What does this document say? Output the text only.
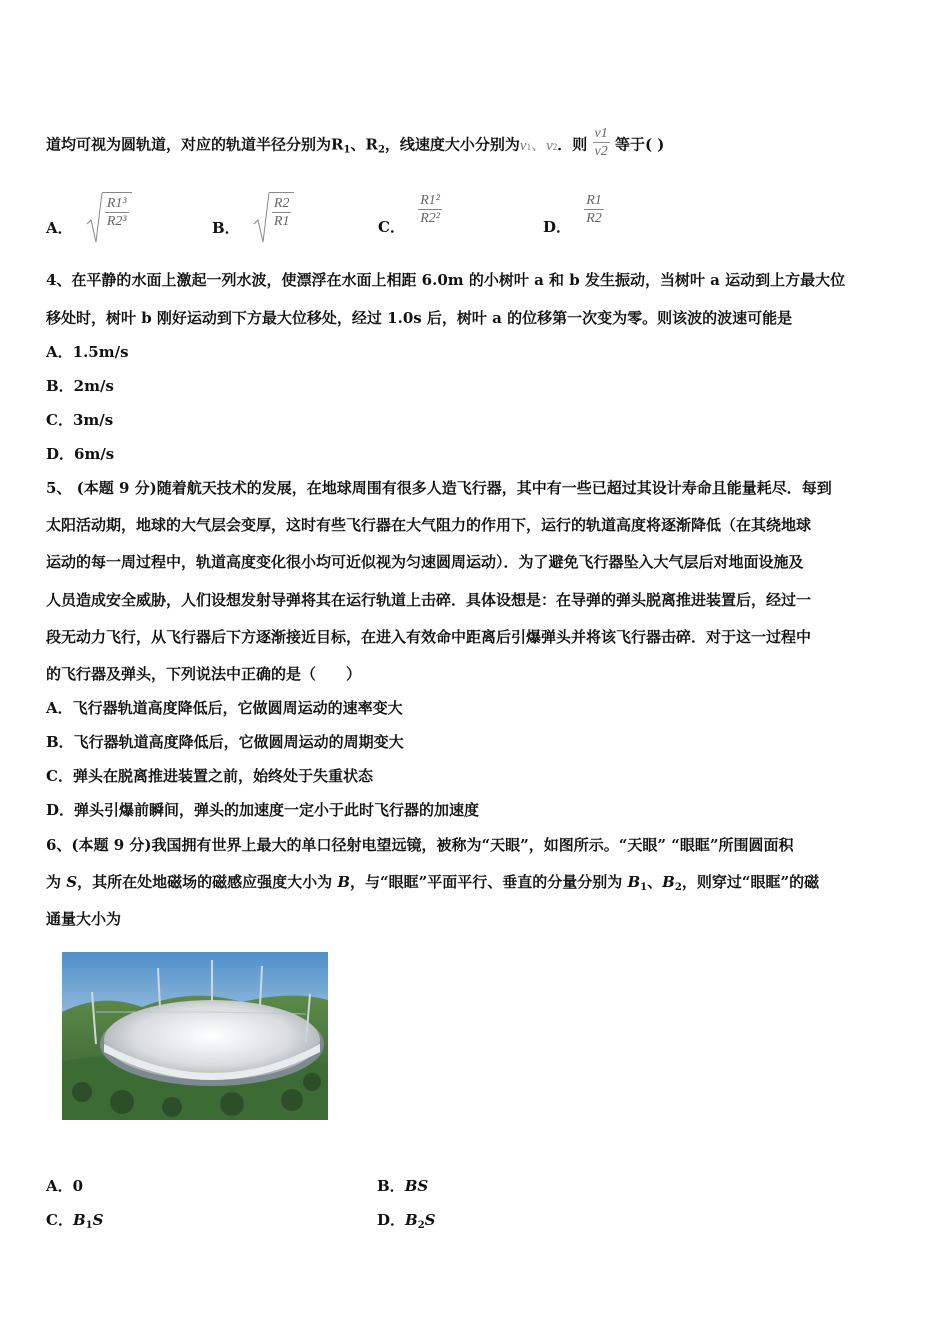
道均可视为圆轨道，对应的轨道半径分别为$R_1$、$R_2$，线速度大小分别为v1、v2．则 $\frac{v1}{v2}$ 等于( )
A． $\frac{\text{R1³}}{\text{R2³}}$	B． $\frac{R2}{R1}$	C． $\frac{\text{R1²}}{\text{R2²}}$	D． $\frac{R1}{R2}$
4、在平静的水面上激起一列水波，使漂浮在水面上相距 6.0m 的小树叶 a 和 b 发生振动，当树叶 a 运动到上方最大位
移处时，树叶 b 刚好运动到下方最大位移处，经过 1.0s 后，树叶 a 的位移第一次变为零。则该波的波速可能是
A．1.5m/s
B．2m/s
C．3m/s
D．6m/s
5、 (本题 9 分)随着航天技术的发展，在地球周围有很多人造飞行器，其中有一些已超过其设计寿命且能量耗尽．每到
太阳活动期，地球的大气层会变厚，这时有些飞行器在大气阻力的作用下，运行的轨道高度将逐渐降低（在其绕地球
运动的每一周过程中，轨道高度变化很小均可近似视为匀速圆周运动）．为了避免飞行器坠入大气层后对地面设施及
人员造成安全威胁，人们设想发射导弹将其在运行轨道上击碎．具体设想是：在导弹的弹头脱离推进装置后，经过一
段无动力飞行，从飞行器后下方逐渐接近目标，在进入有效命中距离后引爆弹头并将该飞行器击碎．对于这一过程中
的飞行器及弹头，下列说法中正确的是（　　）
A．飞行器轨道高度降低后，它做圆周运动的速率变大
B．飞行器轨道高度降低后，它做圆周运动的周期变大
C．弹头在脱离推进装置之前，始终处于失重状态
D．弹头引爆前瞬间，弹头的加速度一定小于此时飞行器的加速度
6、(本题 9 分)我国拥有世界上最大的单口径射电望远镜，被称为“天眼”，如图所示。“天眼” “眼眶”所围圆面积
为 S，其所在处地磁场的磁感应强度大小为 B，与“眼眶”平面平行、垂直的分量分别为 $B_1$、$B_2$，则穿过“眼眶”的磁
通量大小为
A．0	B．BS
C．$B_1S$	D．$B_2S$
